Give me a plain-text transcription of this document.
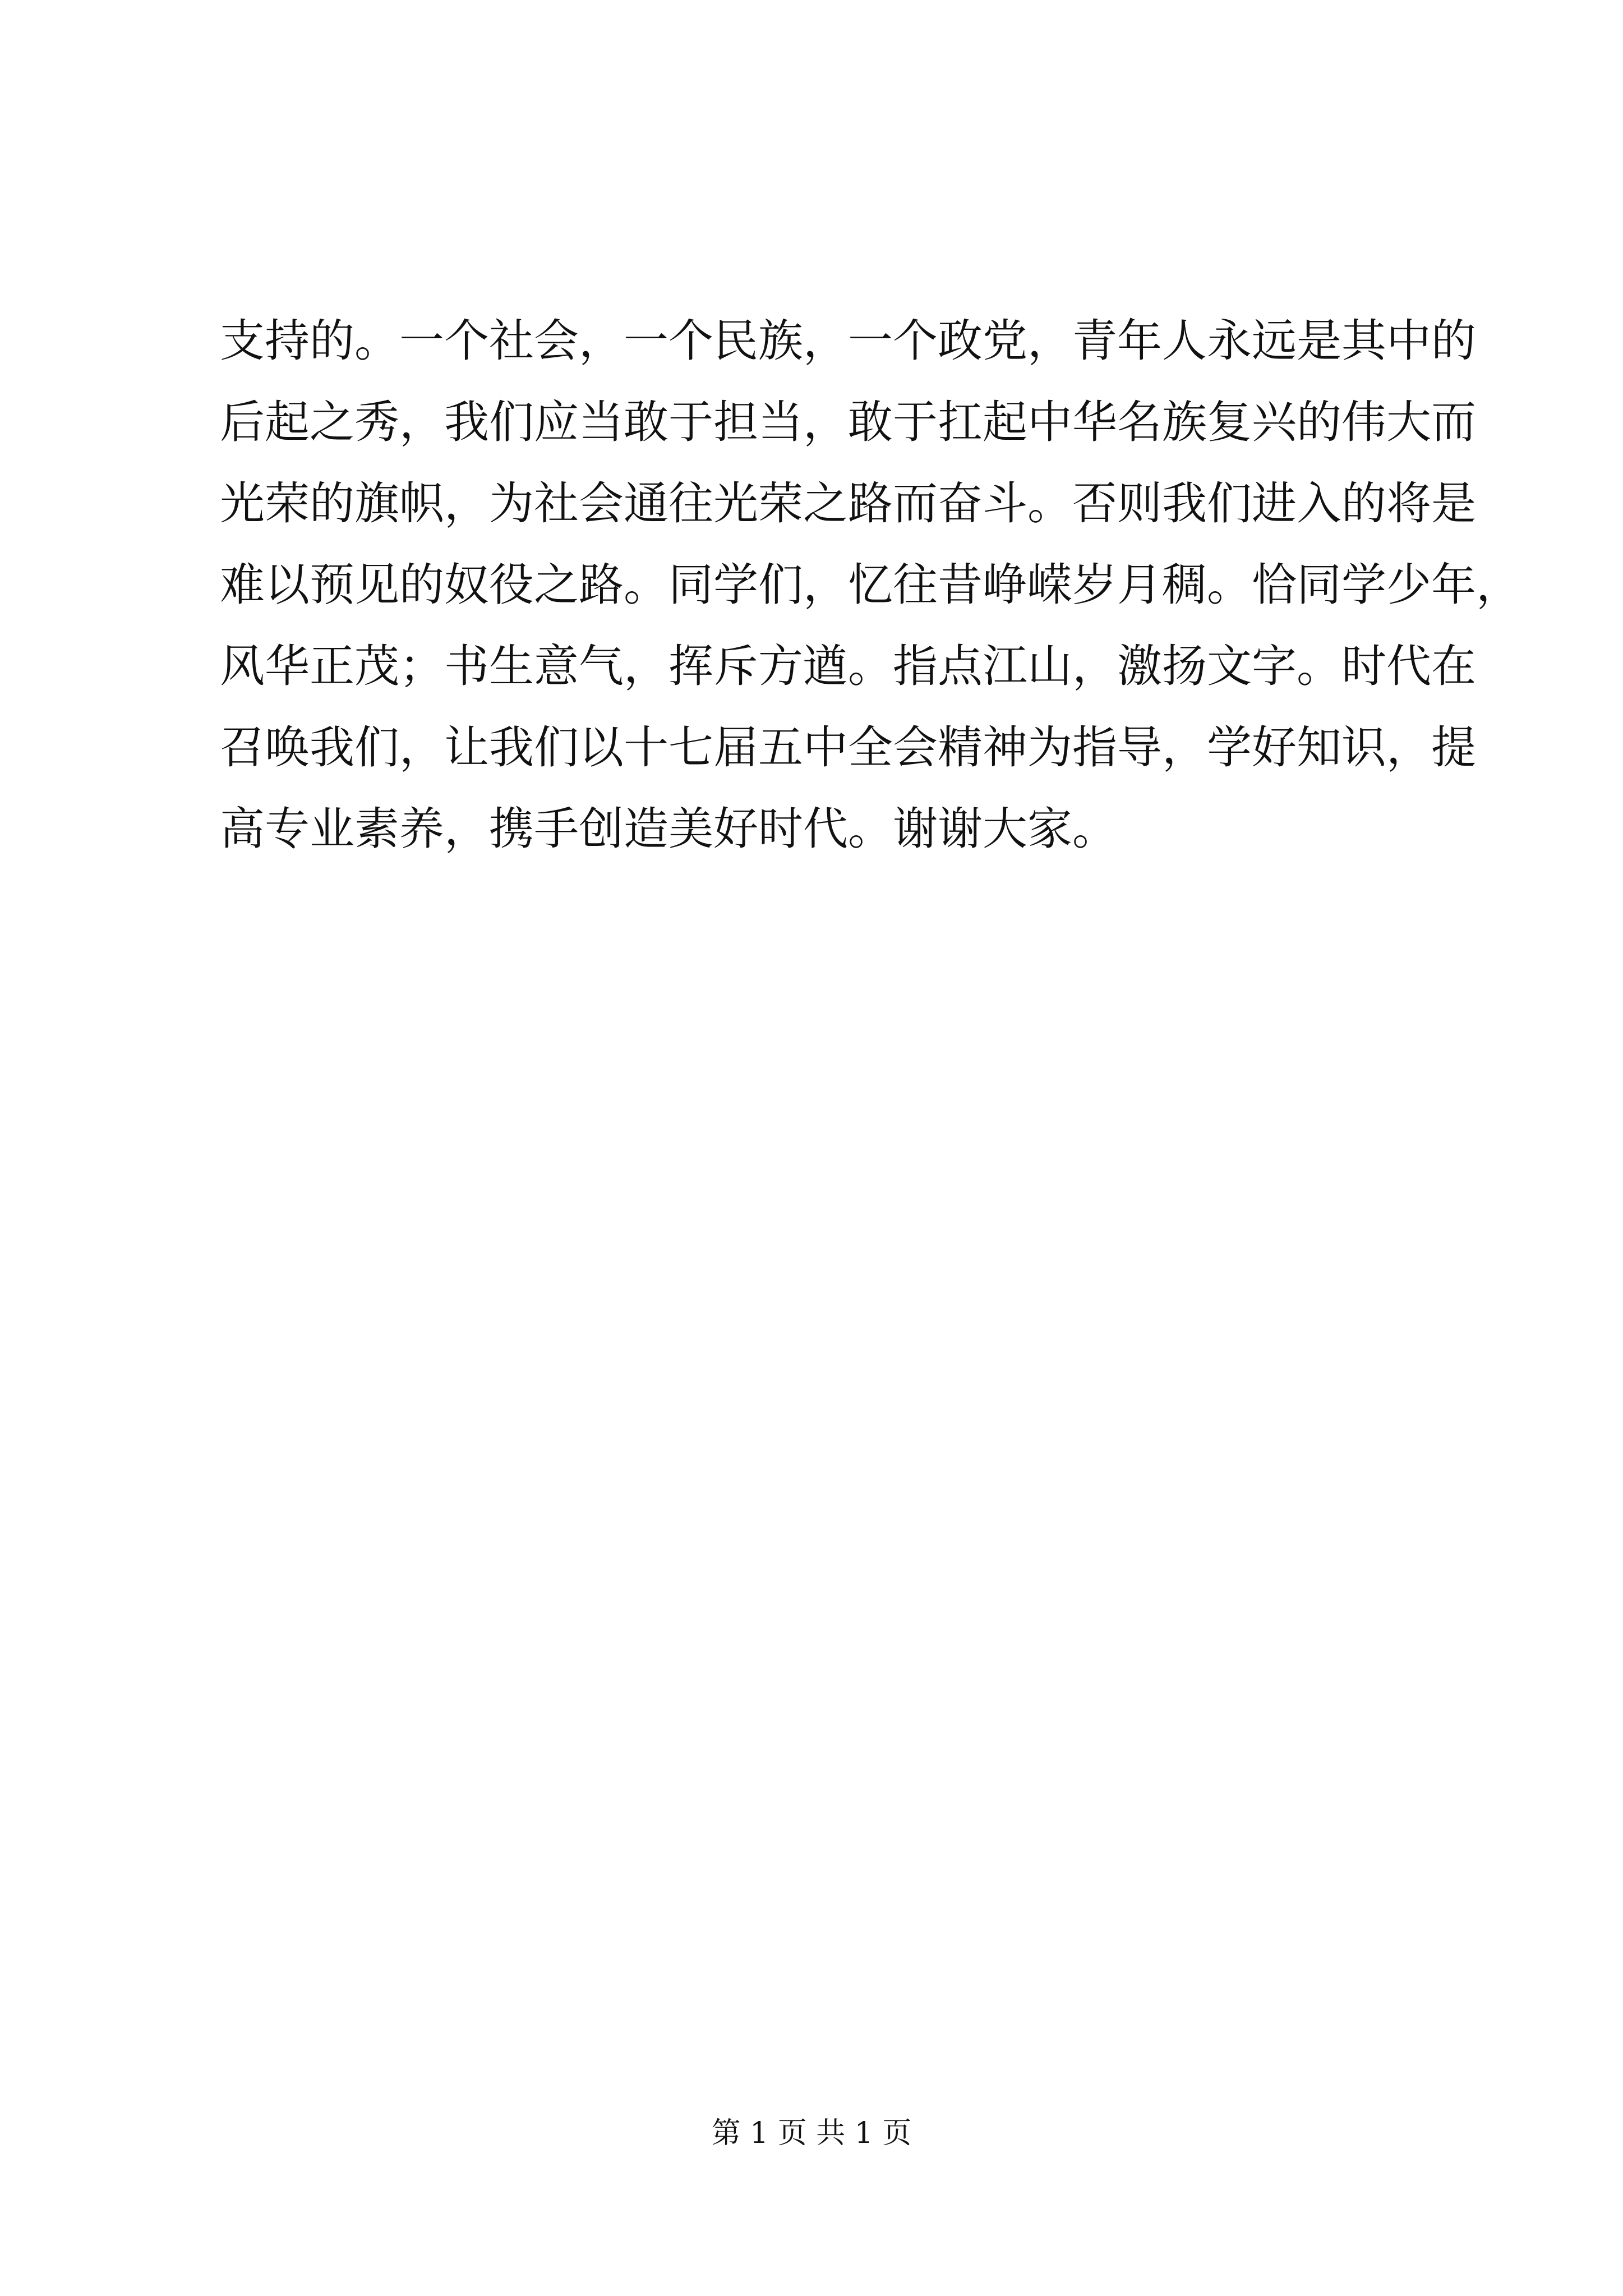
支持的。一个社会，一个民族，一个政党，青年人永远是其中的
后起之秀，我们应当敢于担当，敢于扛起中华名族复兴的伟大而
光荣的旗帜，为社会通往光荣之路而奋斗。否则我们进入的将是
难以预见的奴役之路。同学们，忆往昔峥嵘岁月稠。恰同学少年，
风华正茂；书生意气，挥斥方遒。指点江山，激扬文字。时代在
召唤我们，让我们以十七届五中全会精神为指导，学好知识，提
高专业素养，携手创造美好时代。谢谢大家。
第 1 页 共 1 页
